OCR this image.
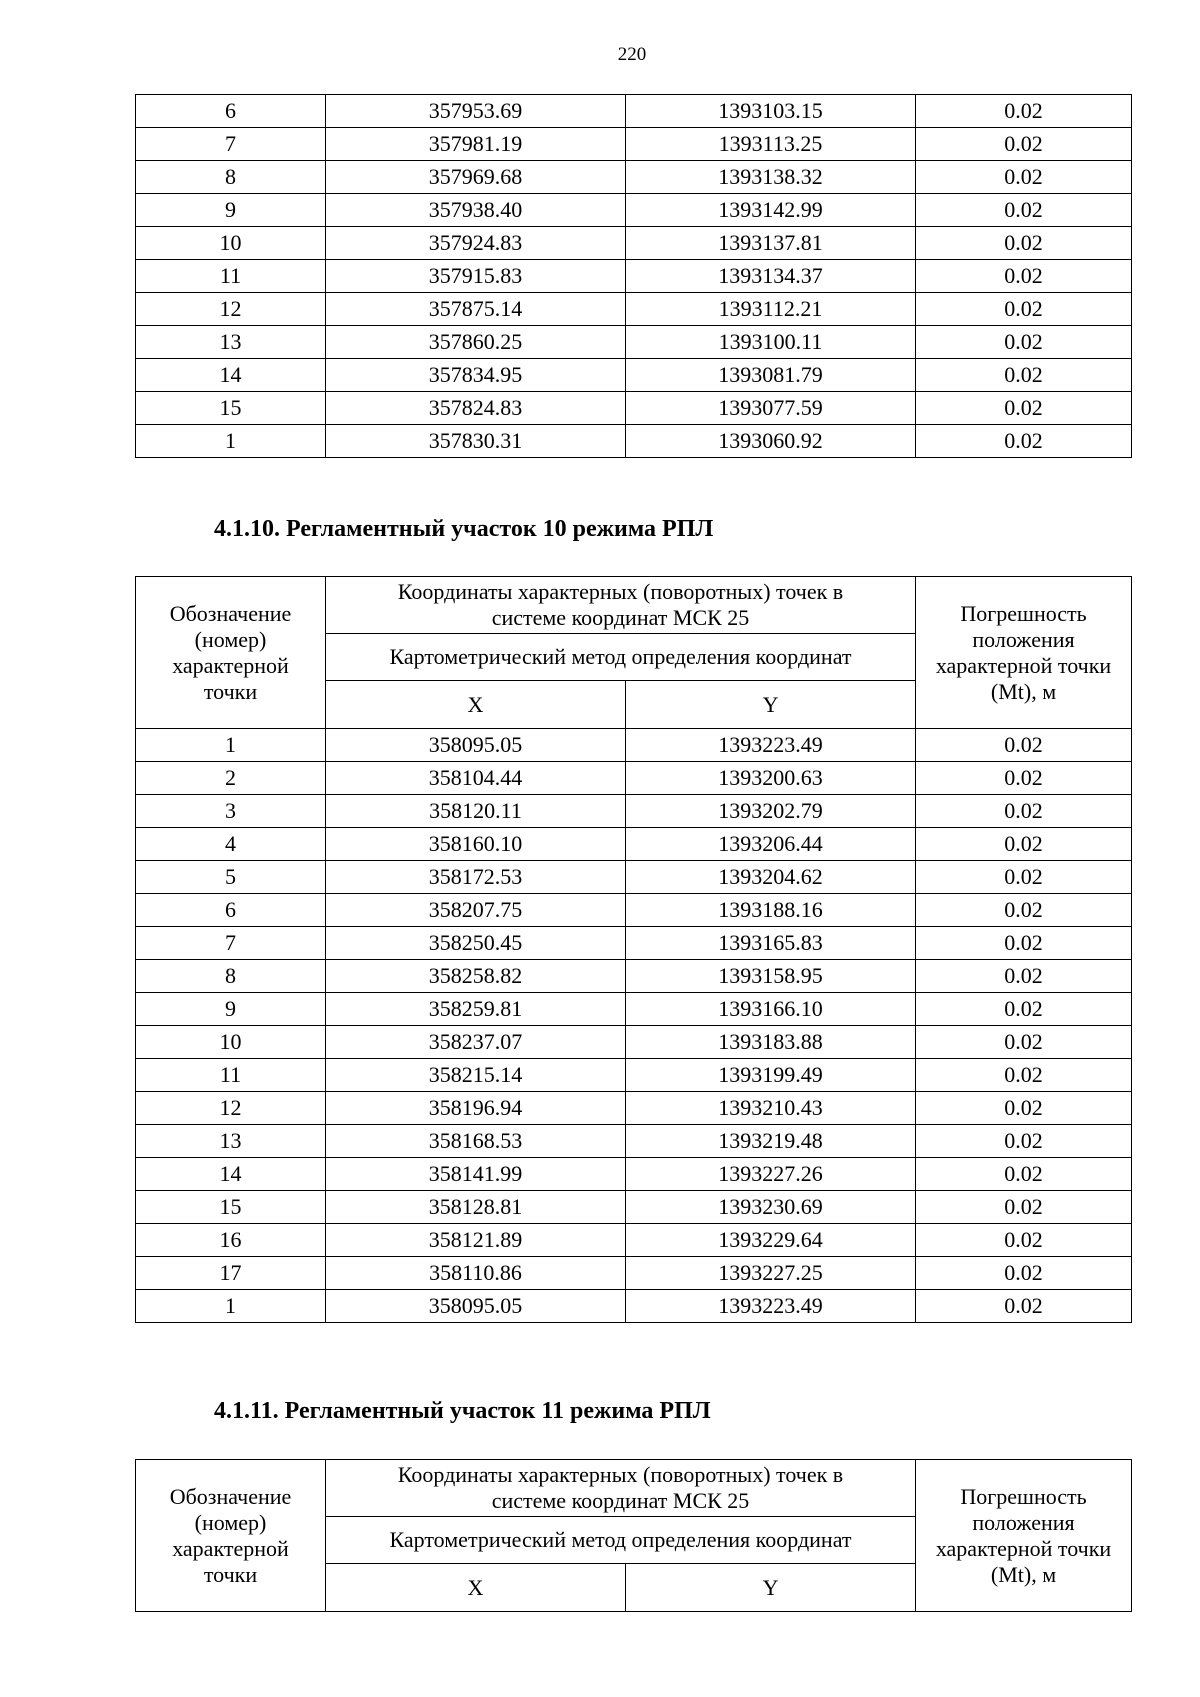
220
6	357953.69	1393103.15	0.02
7	357981.19	1393113.25	0.02
8	357969.68	1393138.32	0.02
9	357938.40	1393142.99	0.02
10	357924.83	1393137.81	0.02
11	357915.83	1393134.37	0.02
12	357875.14	1393112.21	0.02
13	357860.25	1393100.11	0.02
14	357834.95	1393081.79	0.02
15	357824.83	1393077.59	0.02
1	357830.31	1393060.92	0.02
4.1.10. Регламентный участок 10 режима РПЛ
Обозначение (номер) характерной точки	Координаты характерных (поворотных) точек в системе координат МСК 25		Погрешность положения характерной точки (Mt), м
	Картометрический метод определения координат		
	X	Y	
1	358095.05	1393223.49	0.02
2	358104.44	1393200.63	0.02
3	358120.11	1393202.79	0.02
4	358160.10	1393206.44	0.02
5	358172.53	1393204.62	0.02
6	358207.75	1393188.16	0.02
7	358250.45	1393165.83	0.02
8	358258.82	1393158.95	0.02
9	358259.81	1393166.10	0.02
10	358237.07	1393183.88	0.02
11	358215.14	1393199.49	0.02
12	358196.94	1393210.43	0.02
13	358168.53	1393219.48	0.02
14	358141.99	1393227.26	0.02
15	358128.81	1393230.69	0.02
16	358121.89	1393229.64	0.02
17	358110.86	1393227.25	0.02
1	358095.05	1393223.49	0.02
4.1.11. Регламентный участок 11 режима РПЛ
Обозначение (номер) характерной точки	Координаты характерных (поворотных) точек в системе координат МСК 25		Погрешность положения характерной точки (Mt), м
	Картометрический метод определения координат		
	X	Y	
